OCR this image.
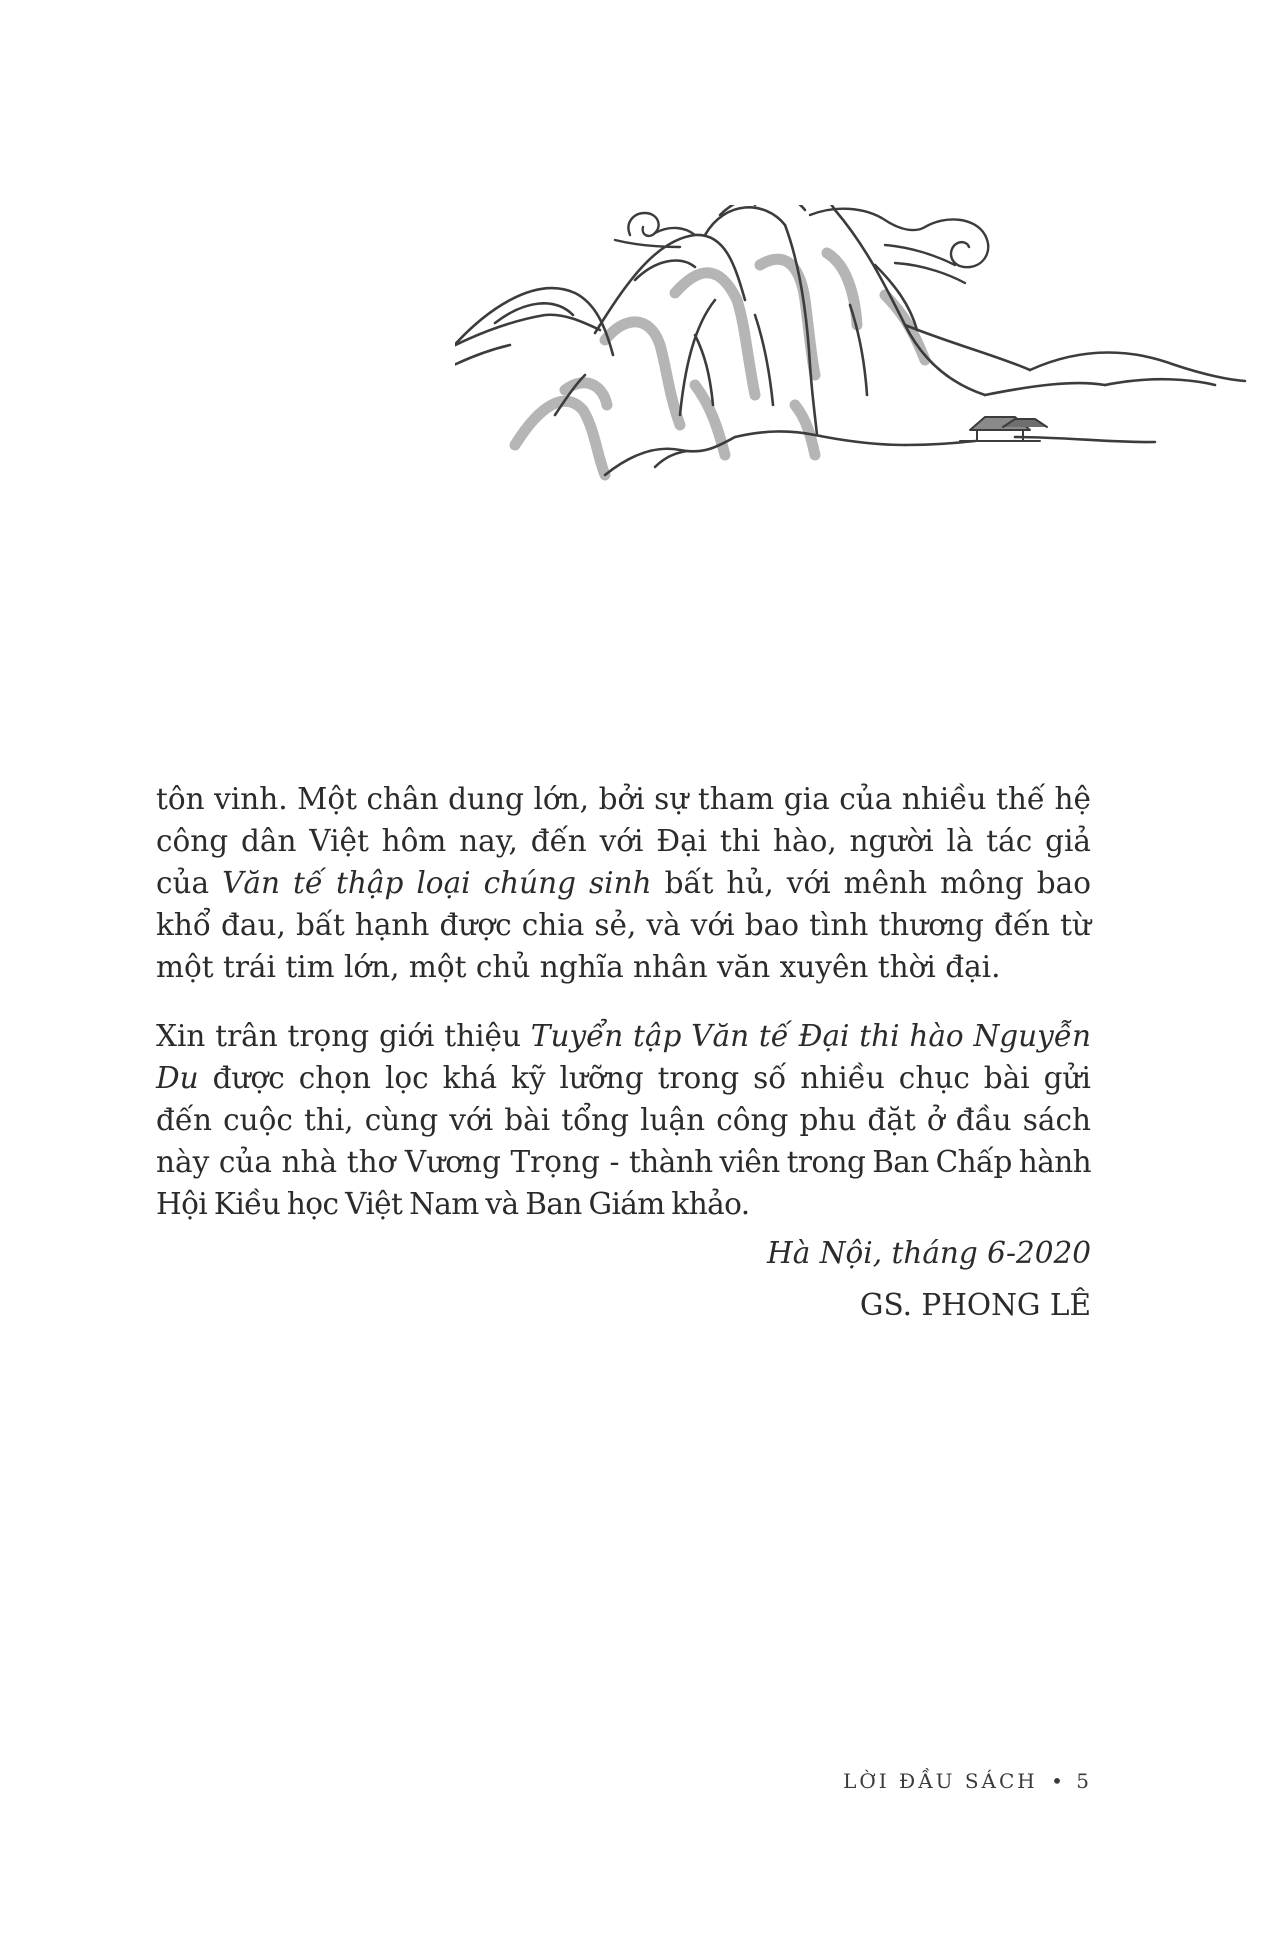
tôn vinh. Một chân dung lớn, bởi sự tham gia của nhiều thế hệ công dân Việt hôm nay, đến với Đại thi hào, người là tác giả của Văn tế thập loại chúng sinh bất hủ, với mênh mông bao khổ đau, bất hạnh được chia sẻ, và với bao tình thương đến từ một trái tim lớn, một chủ nghĩa nhân văn xuyên thời đại.

Xin trân trọng giới thiệu Tuyển tập Văn tế Đại thi hào Nguyễn Du được chọn lọc khá kỹ lưỡng trong số nhiều chục bài gửi đến cuộc thi, cùng với bài tổng luận công phu đặt ở đầu sách này của nhà thơ Vương Trọng - thành viên trong Ban Chấp hành Hội Kiều học Việt Nam và Ban Giám khảo.

Hà Nội, tháng 6-2020
GS. PHONG LÊ
LỜI ĐẦU SÁCH • 5
